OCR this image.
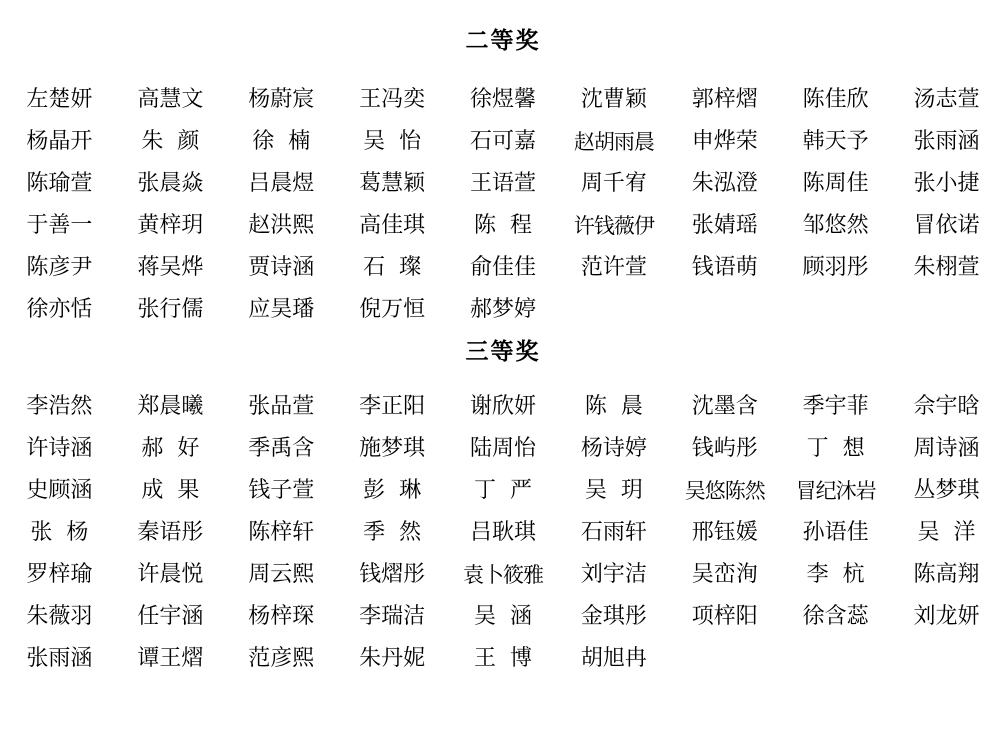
二等奖
左楚妍	高慧文	杨蔚宸	王冯奕	徐煜馨	沈曹颖	郭梓熠	陈佳欣	汤志萱
杨晶开	朱颜	徐楠	吴怡	石可嘉	赵胡雨晨	申烨荣	韩天予	张雨涵
陈瑜萱	张晨焱	吕晨煜	葛慧颖	王语萱	周千宥	朱泓澄	陈周佳	张小捷
于善一	黄梓玥	赵洪熙	高佳琪	陈程	许钱薇伊	张婧瑶	邹悠然	冒依诺
陈彦尹	蒋吴烨	贾诗涵	石璨	俞佳佳	范许萱	钱语萌	顾羽彤	朱栩萱
徐亦恬	张行儒	应昊璠	倪万恒	郝梦婷
三等奖
李浩然	郑晨曦	张品萱	李正阳	谢欣妍	陈晨	沈墨含	季宇菲	佘宇晗
许诗涵	郝好	季禹含	施梦琪	陆周怡	杨诗婷	钱屿彤	丁想	周诗涵
史顾涵	成果	钱子萱	彭琳	丁严	吴玥	吴悠陈然	冒纪沐岩	丛梦琪
张杨	秦语彤	陈梓轩	季然	吕耿琪	石雨轩	邢钰媛	孙语佳	吴洋
罗梓瑜	许晨悦	周云熙	钱熠彤	袁卜筱雅	刘宇洁	吴峦洵	李杭	陈高翔
朱薇羽	任宇涵	杨梓琛	李瑞洁	吴涵	金琪彤	项梓阳	徐含蕊	刘龙妍
张雨涵	谭王熠	范彦熙	朱丹妮	王博	胡旭冉
